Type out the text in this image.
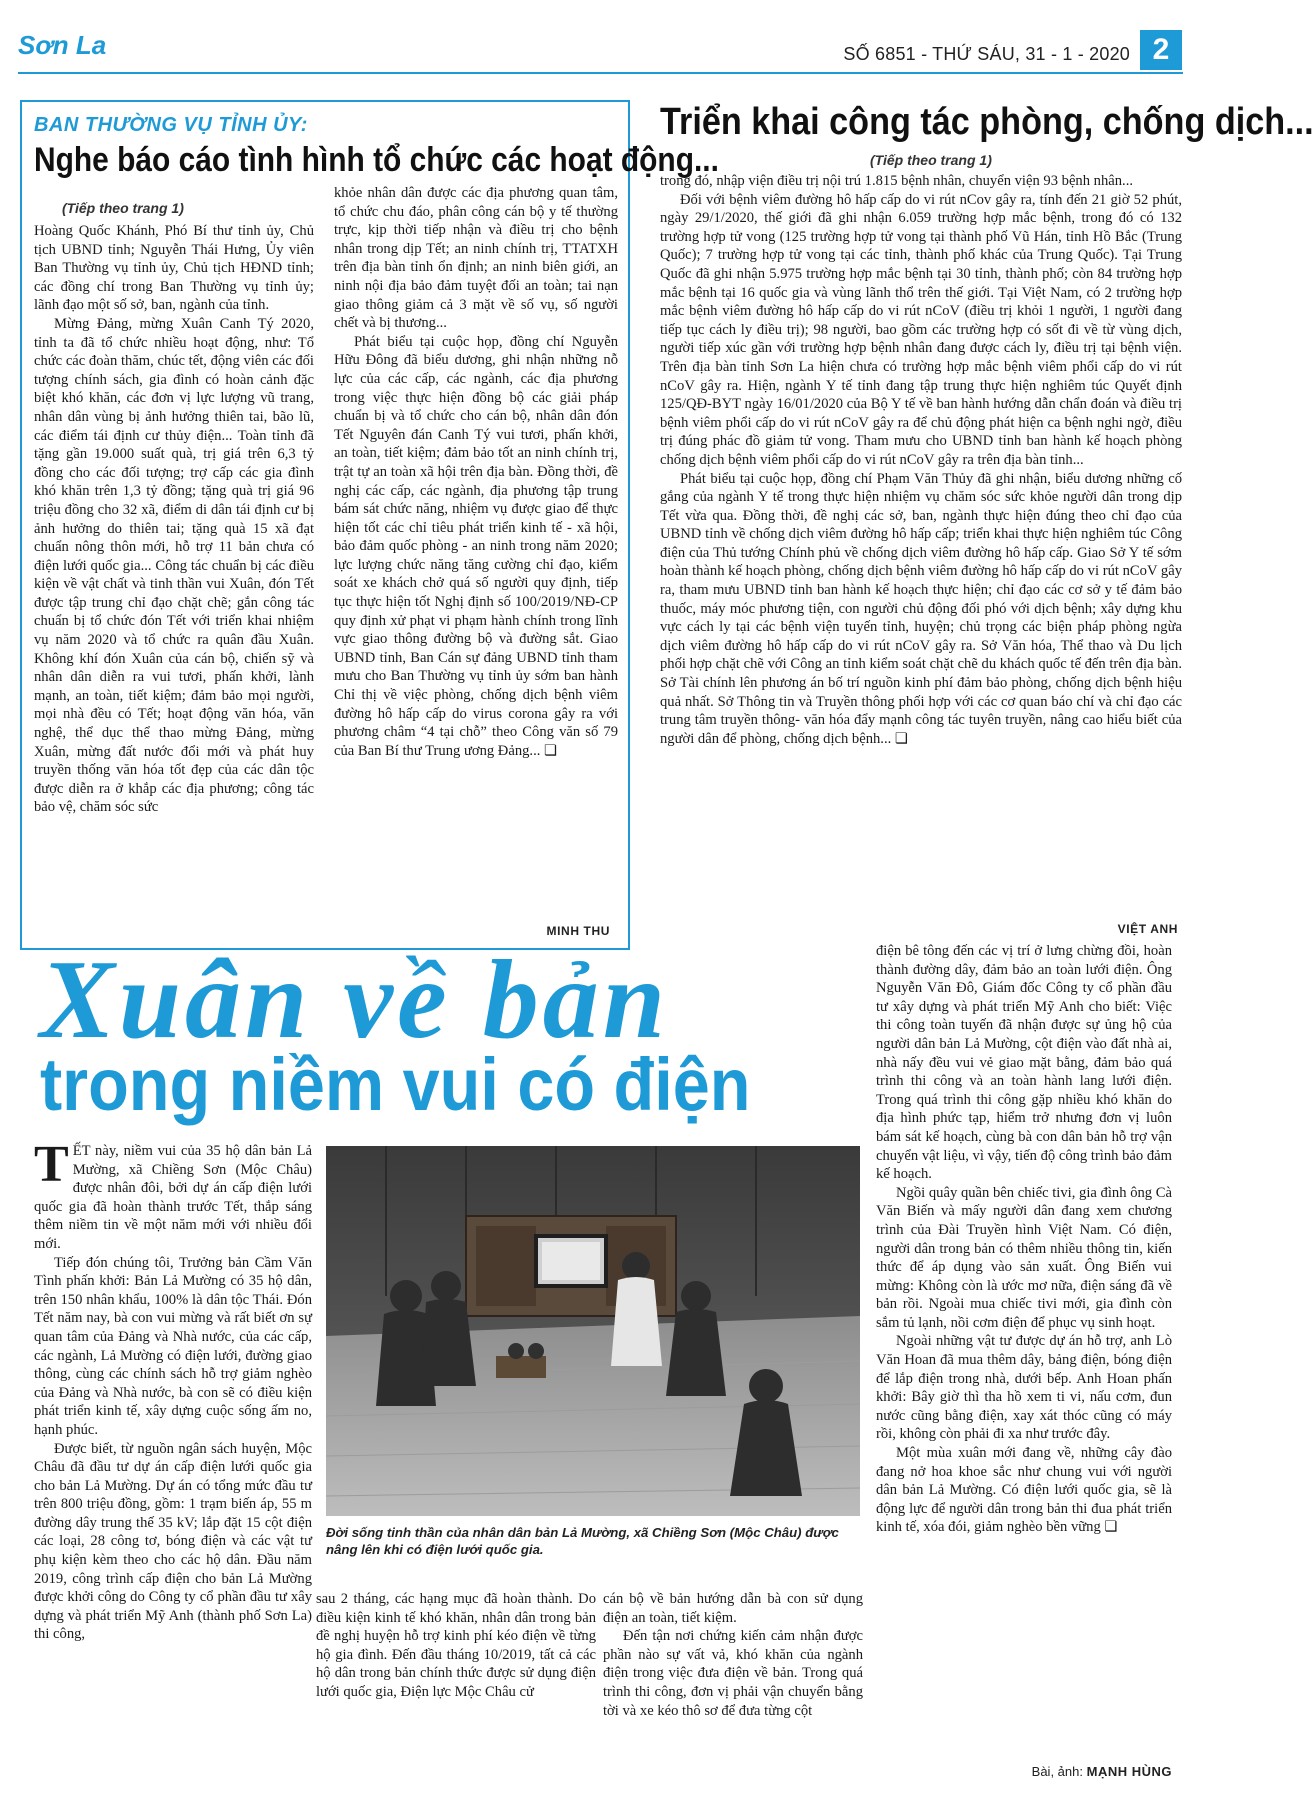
Sơn La	SỐ 6851 - THỨ SÁU, 31 - 1 - 2020 2
BAN THƯỜNG VỤ TỈNH ỦY:
Nghe báo cáo tình hình tổ chức các hoạt động...
(Tiếp theo trang 1)

Hoàng Quốc Khánh, Phó Bí thư tỉnh ủy, Chủ tịch UBND tỉnh; Nguyễn Thái Hưng, Ủy viên Ban Thường vụ tỉnh ủy, Chủ tịch HĐND tỉnh; các đồng chí trong Ban Thường vụ tỉnh ủy; lãnh đạo một số sở, ban, ngành của tỉnh.

Mừng Đảng, mừng Xuân Canh Tý 2020, tỉnh ta đã tổ chức nhiều hoạt động, như: Tổ chức các đoàn thăm, chúc tết, động viên các đối tượng chính sách, gia đình có hoàn cảnh đặc biệt khó khăn, các đơn vị lực lượng vũ trang, nhân dân vùng bị ảnh hưởng thiên tai, bão lũ, các điểm tái định cư thủy điện... Toàn tỉnh đã tặng gần 19.000 suất quà, trị giá trên 6,3 tỷ đồng cho các đối tượng; trợ cấp các gia đình khó khăn trên 1,3 tỷ đồng; tặng quà trị giá 96 triệu đồng cho 32 xã, điểm di dân tái định cư bị ảnh hưởng do thiên tai; tặng quà 15 xã đạt chuẩn nông thôn mới, hỗ trợ 11 bản chưa có điện lưới quốc gia... Công tác chuẩn bị các điều kiện về vật chất và tinh thần vui Xuân, đón Tết được tập trung chỉ đạo chặt chẽ; gắn công tác chuẩn bị tổ chức đón Tết với triển khai nhiệm vụ năm 2020 và tổ chức ra quân đầu Xuân. Không khí đón Xuân của cán bộ, chiến sỹ và nhân dân diễn ra vui tươi, phấn khởi, lành mạnh, an toàn, tiết kiệm; đảm bảo mọi người, mọi nhà đều có Tết; hoạt động văn hóa, văn nghệ, thể dục thể thao mừng Đảng, mừng Xuân, mừng đất nước đổi mới và phát huy truyền thống văn hóa tốt đẹp của các dân tộc được diễn ra ở khắp các địa phương; công tác bảo vệ, chăm sóc sức

khỏe nhân dân được các địa phương quan tâm, tổ chức chu đáo, phân công cán bộ y tế thường trực, kịp thời tiếp nhận và điều trị cho bệnh nhân trong dịp Tết; an ninh chính trị, TTATXH trên địa bàn tỉnh ổn định; an ninh biên giới, an ninh nội địa bảo đảm tuyệt đối an toàn; tai nạn giao thông giảm cả 3 mặt về số vụ, số người chết và bị thương...

Phát biểu tại cuộc họp, đồng chí Nguyễn Hữu Đông đã biểu dương, ghi nhận những nỗ lực của các cấp, các ngành, các địa phương trong việc thực hiện đồng bộ các giải pháp chuẩn bị và tổ chức cho cán bộ, nhân dân đón Tết Nguyên đán Canh Tý vui tươi, phấn khởi, an toàn, tiết kiệm; đảm bảo tốt an ninh chính trị, trật tự an toàn xã hội trên địa bàn. Đồng thời, đề nghị các cấp, các ngành, địa phương tập trung bám sát chức năng, nhiệm vụ được giao để thực hiện tốt các chỉ tiêu phát triển kinh tế - xã hội, bảo đảm quốc phòng - an ninh trong năm 2020; lực lượng chức năng tăng cường chỉ đạo, kiểm soát xe khách chở quá số người quy định, tiếp tục thực hiện tốt Nghị định số 100/2019/NĐ-CP quy định xử phạt vi phạm hành chính trong lĩnh vực giao thông đường bộ và đường sắt. Giao UBND tỉnh, Ban Cán sự đảng UBND tỉnh tham mưu cho Ban Thường vụ tỉnh ủy sớm ban hành Chỉ thị về việc phòng, chống dịch bệnh viêm đường hô hấp cấp do virus corona gây ra với phương châm “4 tại chỗ” theo Công văn số 79 của Ban Bí thư Trung ương Đảng... ❏

MINH THU
Triển khai công tác phòng, chống dịch...
(Tiếp theo trang 1)

trong đó, nhập viện điều trị nội trú 1.815 bệnh nhân, chuyển viện 93 bệnh nhân...

Đối với bệnh viêm đường hô hấp cấp do vi rút nCov gây ra, tính đến 21 giờ 52 phút, ngày 29/1/2020, thế giới đã ghi nhận 6.059 trường hợp mắc bệnh, trong đó có 132 trường hợp tử vong (125 trường hợp tử vong tại thành phố Vũ Hán, tỉnh Hồ Bắc (Trung Quốc); 7 trường hợp tử vong tại các tỉnh, thành phố khác của Trung Quốc). Tại Trung Quốc đã ghi nhận 5.975 trường hợp mắc bệnh tại 30 tỉnh, thành phố; còn 84 trường hợp mắc bệnh tại 16 quốc gia và vùng lãnh thổ trên thế giới. Tại Việt Nam, có 2 trường hợp mắc bệnh viêm đường hô hấp cấp do vi rút nCoV (điều trị khỏi 1 người, 1 người đang tiếp tục cách ly điều trị); 98 người, bao gồm các trường hợp có sốt đi về từ vùng dịch, người tiếp xúc gần với trường hợp bệnh nhân đang được cách ly, điều trị tại bệnh viện. Trên địa bàn tỉnh Sơn La hiện chưa có trường hợp mắc bệnh viêm phổi cấp do vi rút nCoV gây ra. Hiện, ngành Y tế tỉnh đang tập trung thực hiện nghiêm túc Quyết định 125/QĐ-BYT ngày 16/01/2020 của Bộ Y tế về ban hành hướng dẫn chẩn đoán và điều trị bệnh viêm phổi cấp do vi rút nCoV gây ra để chủ động phát hiện ca bệnh nghi ngờ, điều trị đúng phác đồ giảm tử vong. Tham mưu cho UBND tỉnh ban hành kế hoạch phòng chống dịch bệnh viêm phổi cấp do vi rút nCoV gây ra trên địa bàn tỉnh...

Phát biểu tại cuộc họp, đồng chí Phạm Văn Thủy đã ghi nhận, biểu dương những cố gắng của ngành Y tế trong thực hiện nhiệm vụ chăm sóc sức khỏe người dân trong dịp Tết vừa qua. Đồng thời, đề nghị các sở, ban, ngành thực hiện đúng theo chỉ đạo của UBND tỉnh về chống dịch viêm đường hô hấp cấp; triển khai thực hiện nghiêm túc Công điện của Thủ tướng Chính phủ về chống dịch viêm đường hô hấp cấp. Giao Sở Y tế sớm hoàn thành kế hoạch phòng, chống dịch bệnh viêm đường hô hấp cấp do vi rút nCoV gây ra, tham mưu UBND tỉnh ban hành kế hoạch thực hiện; chỉ đạo các cơ sở y tế đảm bảo thuốc, máy móc phương tiện, con người chủ động đối phó với dịch bệnh; xây dựng khu vực cách ly tại các bệnh viện tuyến tỉnh, huyện; chủ trọng các biện pháp phòng ngừa dịch viêm đường hô hấp cấp do vi rút nCoV gây ra. Sở Văn hóa, Thể thao và Du lịch phối hợp chặt chẽ với Công an tỉnh kiểm soát chặt chẽ du khách quốc tế đến trên địa bàn. Sở Tài chính lên phương án bố trí nguồn kinh phí đảm bảo phòng, chống dịch bệnh hiệu quả nhất. Sở Thông tin và Truyền thông phối hợp với các cơ quan báo chí và chỉ đạo các trung tâm truyền thông- văn hóa đẩy mạnh công tác tuyên truyền, nâng cao hiểu biết của người dân để phòng, chống dịch bệnh... ❏

VIỆT ANH
Xuân về bản
trong niềm vui có điện

TẾT này, niềm vui của 35 hộ dân bản Lả Mường, xã Chiềng Sơn (Mộc Châu) được nhân đôi, bởi dự án cấp điện lưới quốc gia đã hoàn thành trước Tết, thắp sáng thêm niềm tin về một năm mới với nhiều đổi mới.

Tiếp đón chúng tôi, Trưởng bản Cầm Văn Tình phấn khởi: Bản Lả Mường có 35 hộ dân, trên 150 nhân khẩu, 100% là dân tộc Thái. Đón Tết năm nay, bà con vui mừng và rất biết ơn sự quan tâm của Đảng và Nhà nước, của các cấp, các ngành, Lả Mường có điện lưới, đường giao thông, cùng các chính sách hỗ trợ giảm nghèo của Đảng và Nhà nước, bà con sẽ có điều kiện phát triển kinh tế, xây dựng cuộc sống ấm no, hạnh phúc.

Được biết, từ nguồn ngân sách huyện, Mộc Châu đã đầu tư dự án cấp điện lưới quốc gia cho bản Lả Mường. Dự án có tổng mức đầu tư trên 800 triệu đồng, gồm: 1 trạm biến áp, 55 m đường dây trung thế 35 kV; lắp đặt 15 cột điện các loại, 28 công tơ, bóng điện và các vật tư phụ kiện kèm theo cho các hộ dân. Đầu năm 2019, công trình cấp điện cho bản Lả Mường được khởi công do Công ty cổ phần đầu tư xây dựng và phát triển Mỹ Anh (thành phố Sơn La) thi công,

Đời sống tinh thần của nhân dân bản Lả Mường, xã Chiềng Sơn (Mộc Châu) được nâng lên khi có điện lưới quốc gia.

sau 2 tháng, các hạng mục đã hoàn thành. Do điều kiện kinh tế khó khăn, nhân dân trong bản đề nghị huyện hỗ trợ kinh phí kéo điện về từng hộ gia đình. Đến đầu tháng 10/2019, tất cả các hộ dân trong bản chính thức được sử dụng điện lưới quốc gia, Điện lực Mộc Châu cử

cán bộ về bản hướng dẫn bà con sử dụng điện an toàn, tiết kiệm.

Đến tận nơi chứng kiến cảm nhận được phần nào sự vất vả, khó khăn của ngành điện trong việc đưa điện về bản. Trong quá trình thi công, đơn vị phải vận chuyển bằng tời và xe kéo thô sơ để đưa từng cột

điện bê tông đến các vị trí ở lưng chừng đồi, hoàn thành đường dây, đảm bảo an toàn lưới điện. Ông Nguyễn Văn Đô, Giám đốc Công ty cổ phần đầu tư xây dựng và phát triển Mỹ Anh cho biết: Việc thi công toàn tuyến đã nhận được sự ủng hộ của người dân bản Lả Mường, cột điện vào đất nhà ai, nhà nấy đều vui vẻ giao mặt bằng, đảm bảo quá trình thi công và an toàn hành lang lưới điện. Trong quá trình thi công gặp nhiều khó khăn do địa hình phức tạp, hiểm trở nhưng đơn vị luôn bám sát kế hoạch, cùng bà con dân bản hỗ trợ vận chuyển vật liệu, vì vậy, tiến độ công trình bảo đảm kế hoạch.

Ngồi quây quần bên chiếc tivi, gia đình ông Cà Văn Biến và mấy người dân đang xem chương trình của Đài Truyền hình Việt Nam. Có điện, người dân trong bản có thêm nhiều thông tin, kiến thức để áp dụng vào sản xuất. Ông Biến vui mừng: Không còn là ước mơ nữa, điện sáng đã về bản rồi. Ngoài mua chiếc tivi mới, gia đình còn sắm tủ lạnh, nồi cơm điện để phục vụ sinh hoạt.

Ngoài những vật tư được dự án hỗ trợ, anh Lò Văn Hoan đã mua thêm dây, bảng điện, bóng điện để lắp điện trong nhà, dưới bếp. Anh Hoan phấn khởi: Bây giờ thì tha hồ xem ti vi, nấu cơm, đun nước cũng bằng điện, xay xát thóc cũng có máy rồi, không còn phải đi xa như trước đây.

Một mùa xuân mới đang về, những cây đào đang nở hoa khoe sắc như chung vui với người dân bản Lả Mường. Có điện lưới quốc gia, sẽ là động lực để người dân trong bản thi đua phát triển kinh tế, xóa đói, giảm nghèo bền vững ❏

Bài, ảnh: MẠNH HÙNG
